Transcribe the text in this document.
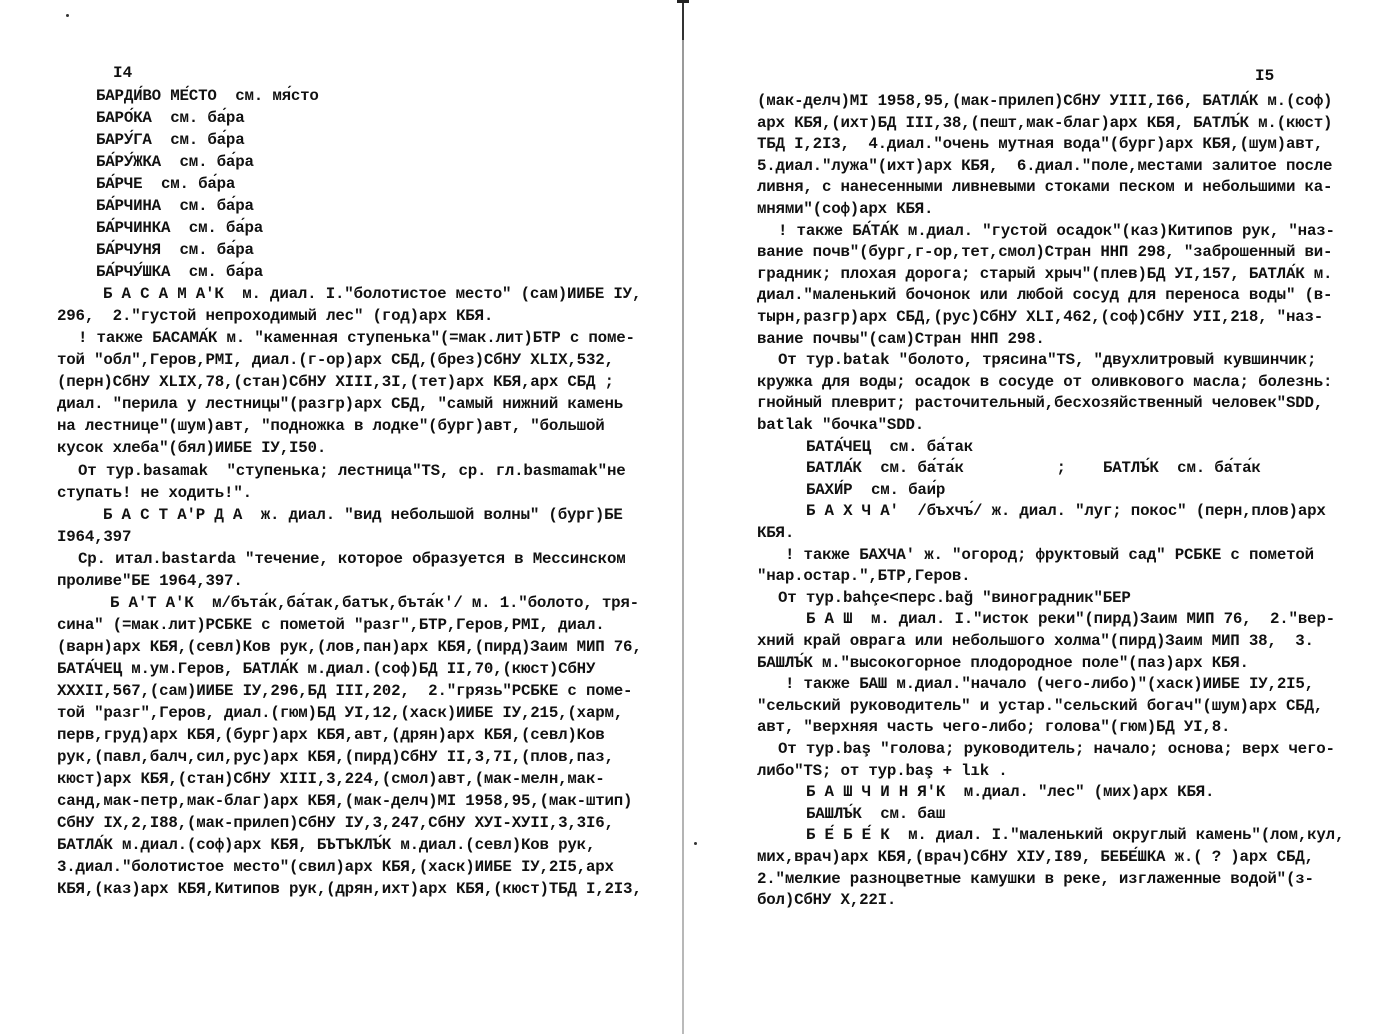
I4
БАРДИ́ВО МЕ́СТО  см. мя́сто
БАРО́КА  см. ба́ра
БАРУ́ГА  см. ба́ра
БА́РУ́ЖКА  см. ба́ра
БА́РЧЕ  см. ба́ра
БА́РЧИНА  см. ба́ра
БА́РЧИНКА  см. ба́ра
БА́РЧУНЯ  см. ба́ра
БА́РЧУ́ШКА  см. ба́ра
Б А С А М А'К  м. диал. I."болотистое место" (сам)ИИБЕ IУ,
296,  2."густой непроходимый лес" (год)арх КБЯ.
! также БАСАМА́К м. "каменная ступенька"(=мак.лит)БТР с поме-
той "обл",Геров,РМI, диал.(г-ор)арх СБД,(брез)СбНУ XLIX,532,
(перн)СбНУ XLIX,78,(стан)СбНУ XIII,3I,(тет)арх КБЯ,арх СБД ;
диал. "перила у лестницы"(разгр)арх СБД, "самый нижний камень
на лестнице"(шум)авт, "подножка в лодке"(бург)авт, "большой
кусок хлеба"(бял)ИИБЕ IУ,I50.
От тур.basamak  "ступенька; лестница"TS, ср. гл.basmamak"не
ступать! не ходить!".
Б А С Т А'Р Д А  ж. диал. "вид небольшой волны" (бург)БЕ
I964,397
Ср. итал.bastarda "течение, которое образуется в Мессинском
проливе"БЕ 1964,397.
Б А'Т А'К  м/бъта́к,ба́так,батък,бъта́к'/ м. 1."болото, тря-
сина" (=мак.лит)РСБКЕ с пометой "разг",БТР,Геров,РМI, диал.
(варн)арх КБЯ,(севл)Ков рук,(лов,пан)арх КБЯ,(пирд)Заим МИП 76,
БАТА́ЧЕЦ м.ум.Геров, БАТЛА́К м.диал.(соф)БД II,70,(кюст)СбНУ
XXXII,567,(сам)ИИБЕ IУ,296,БД III,202,  2."грязь"РСБКЕ с поме-
той "разг",Геров, диал.(гюм)БД УI,12,(хаск)ИИБЕ IУ,215,(харм,
перв,груд)арх КБЯ,(бург)арх КБЯ,авт,(дрян)арх КБЯ,(севл)Ков
рук,(павл,балч,сил,рус)арх КБЯ,(пирд)СбНУ II,3,7I,(плов,паз,
кюст)арх КБЯ,(стан)СбНУ XIII,3,224,(смол)авт,(мак-мелн,мак-
санд,мак-петр,мак-благ)арх КБЯ,(мак-делч)МI 1958,95,(мак-штип)
СбНУ IX,2,I88,(мак-прилеп)СбНУ IУ,3,247,СбНУ ХУI-ХУII,3,3I6,
БАТЛА́К м.диал.(соф)арх КБЯ, БЪТЪКЛЪ́К м.диал.(севл)Ков рук,
3.диал."болотистое место"(свил)арх КБЯ,(хаск)ИИБЕ IУ,2I5,арх
КБЯ,(каз)арх КБЯ,Китипов рук,(дрян,ихт)арх КБЯ,(кюст)ТБД I,2I3,
I5
(мак-делч)МI 1958,95,(мак-прилеп)СбНУ УIII,I66, БАТЛА́К м.(соф)
арх КБЯ,(ихт)БД III,38,(пешт,мак-благ)арх КБЯ, БАТЛЪ́К м.(кюст)
ТБД I,2I3,  4.диал."очень мутная вода"(бург)арх КБЯ,(шум)авт,
5.диал."лужа"(ихт)арх КБЯ,  6.диал."поле,местами залитое после
ливня, с нанесенными ливневыми стоками песком и небольшими ка-
мнями"(соф)арх КБЯ.
! также БА́ТА́К м.диал. "густой осадок"(каз)Китипов рук, "наз-
вание почв"(бург,г-ор,тет,смол)Стран ННП 298, "заброшенный ви-
градник; плохая дорога; старый хрыч"(плев)БД УI,157, БАТЛА́К м.
диал."маленький бочонок или любой сосуд для переноса воды" (в-
тырн,разгр)арх СБД,(рус)СбНУ XLI,462,(соф)СбНУ УII,218, "наз-
вание почвы"(сам)Стран ННП 298.
От тур.batak "болото, трясина"TS, "двухлитровый кувшинчик;
кружка для воды; осадок в сосуде от оливкового масла; болезнь:
гнойный плеврит; расточительный,бесхозяйственный человек"SDD,
batlak "бочка"SDD.
БАТА́ЧЕЦ  см. ба́так
БАТЛА́К  см. ба́та́к          ;    БАТЛЪ́К  см. ба́та́к
БАХИ́Р  см. баи́р
Б А Х Ч А'  /бъхчъ́/ ж. диал. "луг; покос" (перн,плов)арх
КБЯ.
! также БАХЧА' ж. "огород; фруктовый сад" РСБКЕ с пометой
"нар.остар.",БТР,Геров.
От тур.bahçe<перс.bağ "виноградник"БЕР
Б А Ш  м. диал. I."исток реки"(пирд)Заим МИП 76,  2."вер-
хний край оврага или небольшого холма"(пирд)Заим МИП 38,  3.
БАШЛЪ́К м."высокогорное плодородное поле"(паз)арх КБЯ.
! также БАШ м.диал."начало (чего-либо)"(хаск)ИИБЕ IУ,2I5,
"сельский руководитель" и устар."сельский богач"(шум)арх СБД,
авт, "верхняя часть чего-либо; голова"(гюм)БД УI,8.
От тур.baş "голова; руководитель; начало; основа; верх чего-
либо"TS; от тур.baş + lık .
Б А Ш Ч И Н Я'К  м.диал. "лес" (мих)арх КБЯ.
БАШЛЪ́К  см. баш
Б Е́ Б Е́ К  м. диал. I."маленький округлый камень"(лом,кул,
мих,врач)арх КБЯ,(врач)СбНУ XIУ,I89, БЕБЕ́ШКА ж.( ? )арх СБД,
2."мелкие разноцветные камушки в реке, изглаженные водой"(з-
бол)СбНУ X,22I.
